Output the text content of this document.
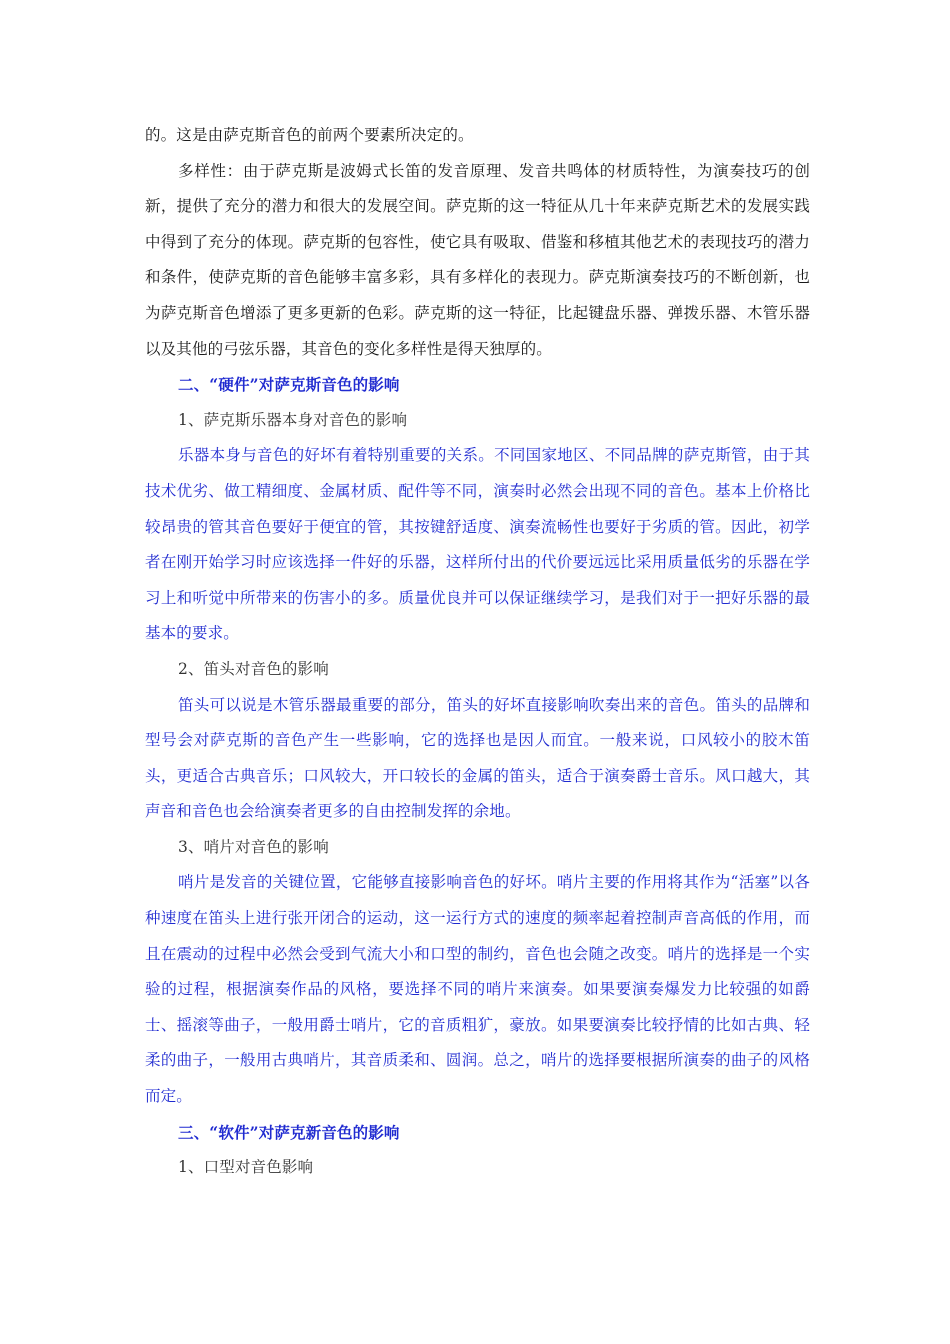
的。这是由萨克斯音色的前两个要素所决定的。

多样性：由于萨克斯是波姆式长笛的发音原理、发音共鸣体的材质特性，为演奏技巧的创新，提供了充分的潜力和很大的发展空间。萨克斯的这一特征从几十年来萨克斯艺术的发展实践中得到了充分的体现。萨克斯的包容性，使它具有吸取、借鉴和移植其他艺术的表现技巧的潜力和条件，使萨克斯的音色能够丰富多彩，具有多样化的表现力。萨克斯演奏技巧的不断创新，也为萨克斯音色增添了更多更新的色彩。萨克斯的这一特征，比起键盘乐器、弹拨乐器、木管乐器以及其他的弓弦乐器，其音色的变化多样性是得天独厚的。

二、“硬件”对萨克斯音色的影响

1、萨克斯乐器本身对音色的影响

乐器本身与音色的好坏有着特别重要的关系。不同国家地区、不同品牌的萨克斯管，由于其技术优劣、做工精细度、金属材质、配件等不同，演奏时必然会出现不同的音色。基本上价格比较昂贵的管其音色要好于便宜的管，其按键舒适度、演奏流畅性也要好于劣质的管。因此，初学者在刚开始学习时应该选择一件好的乐器，这样所付出的代价要远远比采用质量低劣的乐器在学习上和听觉中所带来的伤害小的多。质量优良并可以保证继续学习，是我们对于一把好乐器的最基本的要求。

2、笛头对音色的影响

笛头可以说是木管乐器最重要的部分，笛头的好坏直接影响吹奏出来的音色。笛头的品牌和型号会对萨克斯的音色产生一些影响，它的选择也是因人而宜。一般来说，口风较小的胶木笛头，更适合古典音乐；口风较大，开口较长的金属的笛头，适合于演奏爵士音乐。风口越大，其声音和音色也会给演奏者更多的自由控制发挥的余地。

3、哨片对音色的影响

哨片是发音的关键位置，它能够直接影响音色的好坏。哨片主要的作用将其作为“活塞”以各种速度在笛头上进行张开闭合的运动，这一运行方式的速度的频率起着控制声音高低的作用，而且在震动的过程中必然会受到气流大小和口型的制约，音色也会随之改变。哨片的选择是一个实验的过程，根据演奏作品的风格，要选择不同的哨片来演奏。如果要演奏爆发力比较强的如爵士、摇滚等曲子，一般用爵士哨片，它的音质粗犷，豪放。如果要演奏比较抒情的比如古典、轻柔的曲子，一般用古典哨片，其音质柔和、圆润。总之，哨片的选择要根据所演奏的曲子的风格而定。

三、“软件”对萨克新音色的影响

1、口型对音色影响
